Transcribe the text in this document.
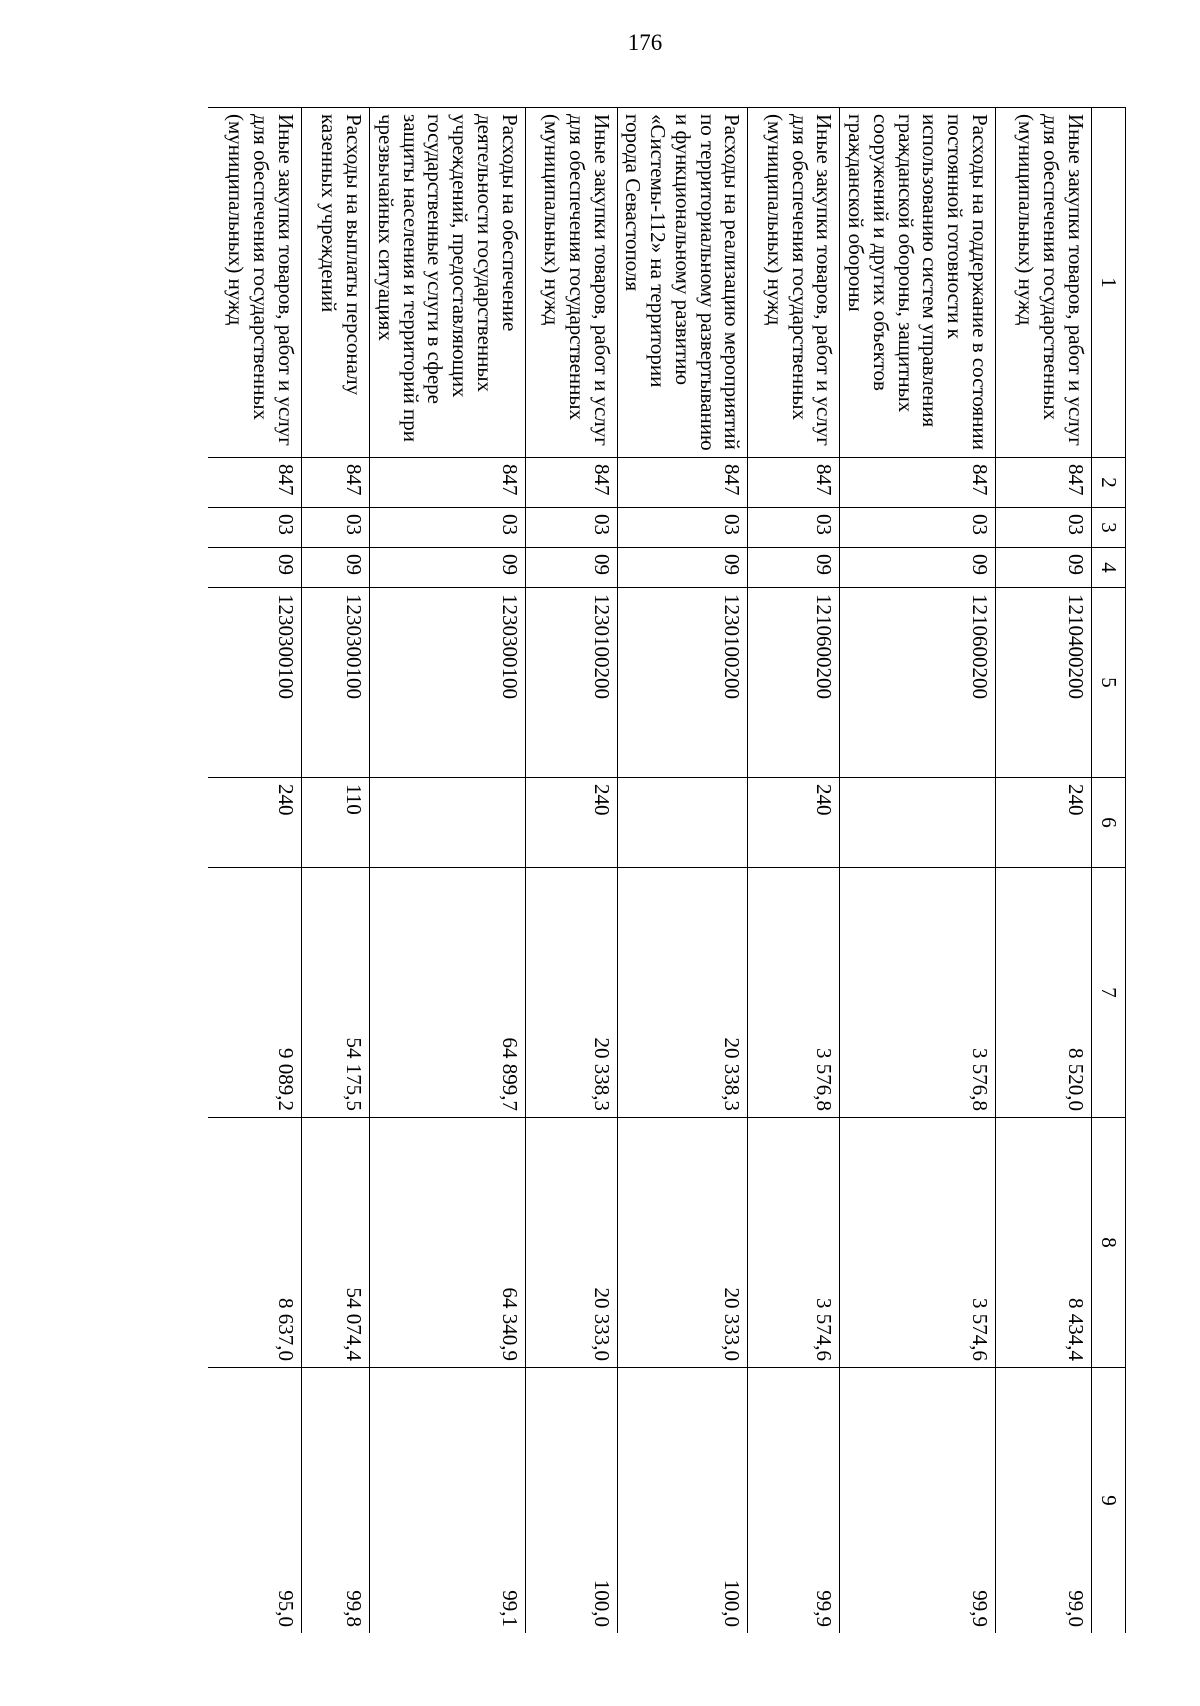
176
1	2	3	4	5	6	7	8	9
Иные закупки товаров, работ и услуг для обеспечения государственных (муниципальных) нужд	847	03	09	1210400200	240	8 520,0	8 434,4	99,0
Расходы на поддержание в состоянии постоянной готовности к использованию систем управления гражданской обороны, защитных сооружений и других объектов гражданской обороны	847	03	09	1210600200		3 576,8	3 574,6	99,9
Иные закупки товаров, работ и услуг для обеспечения государственных (муниципальных) нужд	847	03	09	1210600200	240	3 576,8	3 574,6	99,9
Расходы на реализацию мероприятий по территориальному развертыванию и функциональному развитию «Системы-112» на территории города Севастополя	847	03	09	1230100200		20 338,3	20 333,0	100,0
Иные закупки товаров, работ и услуг для обеспечения государственных (муниципальных) нужд	847	03	09	1230100200	240	20 338,3	20 333,0	100,0
Расходы на обеспечение деятельности государственных учреждений, предоставляющих государственные услуги в сфере защиты населения и территорий при чрезвычайных ситуациях	847	03	09	1230300100		64 899,7	64 340,9	99,1
Расходы на выплаты персоналу казенных учреждений	847	03	09	1230300100	110	54 175,5	54 074,4	99,8
Иные закупки товаров, работ и услуг для обеспечения государственных (муниципальных) нужд	847	03	09	1230300100	240	9 089,2	8 637,0	95,0
